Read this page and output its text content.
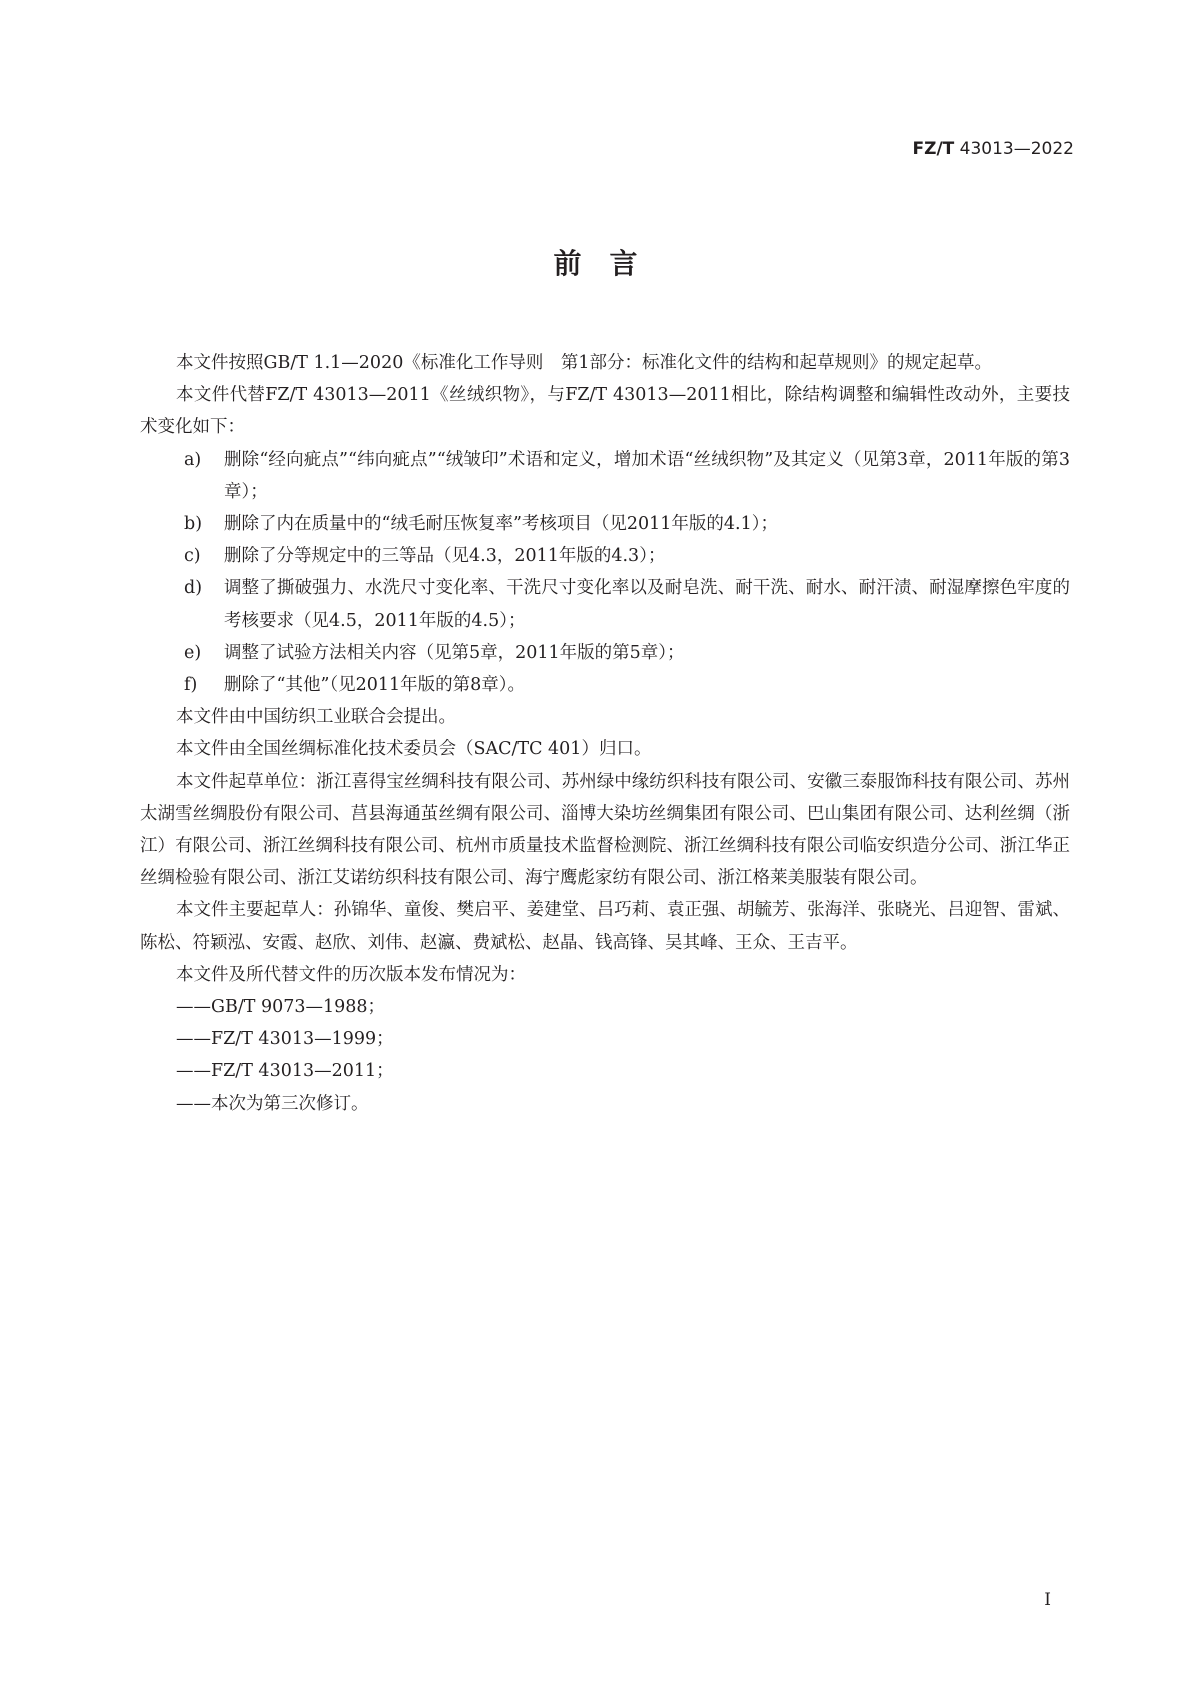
FZ/T 43013—2022
前　言

本文件按照GB/T 1.1—2020《标准化工作导则　第1部分：标准化文件的结构和起草规则》的规定起草。

本文件代替FZ/T 43013—2011《丝绒织物》，与FZ/T 43013—2011相比，除结构调整和编辑性改动外，主要技术变化如下：

a) 删除“经向疵点”“纬向疵点”“绒皱印”术语和定义，增加术语“丝绒织物”及其定义（见第3章，2011年版的第3章）；
b) 删除了内在质量中的“绒毛耐压恢复率”考核项目（见2011年版的4.1）；
c) 删除了分等规定中的三等品（见4.3，2011年版的4.3）；
d) 调整了撕破强力、水洗尺寸变化率、干洗尺寸变化率以及耐皂洗、耐干洗、耐水、耐汗渍、耐湿摩擦色牢度的考核要求（见4.5，2011年版的4.5）；
e) 调整了试验方法相关内容（见第5章，2011年版的第5章）；
f) 删除了“其他”（见2011年版的第8章）。

本文件由中国纺织工业联合会提出。

本文件由全国丝绸标准化技术委员会（SAC/TC 401）归口。

本文件起草单位：浙江喜得宝丝绸科技有限公司、苏州绿中缘纺织科技有限公司、安徽三泰服饰科技有限公司、苏州太湖雪丝绸股份有限公司、莒县海通茧丝绸有限公司、淄博大染坊丝绸集团有限公司、巴山集团有限公司、达利丝绸（浙江）有限公司、浙江丝绸科技有限公司、杭州市质量技术监督检测院、浙江丝绸科技有限公司临安织造分公司、浙江华正丝绸检验有限公司、浙江艾诺纺织科技有限公司、海宁鹰彪家纺有限公司、浙江格莱美服装有限公司。

本文件主要起草人：孙锦华、童俊、樊启平、姜建堂、吕巧莉、袁正强、胡毓芳、张海洋、张晓光、吕迎智、雷斌、陈松、符颖泓、安霞、赵欣、刘伟、赵瀛、费斌松、赵晶、钱高锋、吴其峰、王众、王吉平。

本文件及所代替文件的历次版本发布情况为：

——GB/T 9073—1988；
——FZ/T 43013—1999；
——FZ/T 43013—2011；
——本次为第三次修订。
I
